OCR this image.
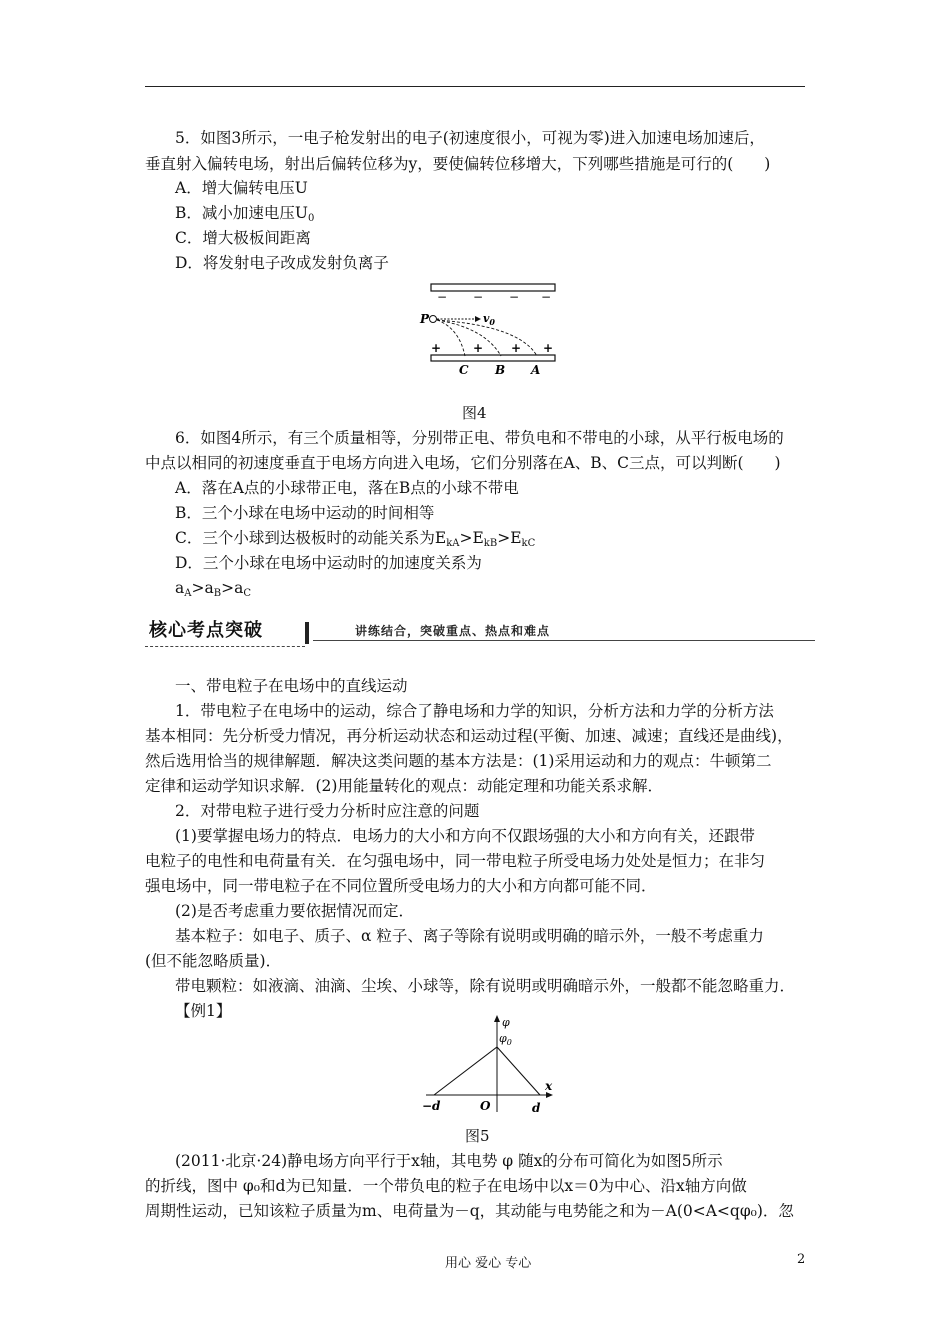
5．如图3所示，一电子枪发射出的电子(初速度很小，可视为零)进入加速电场加速后，
垂直射入偏转电场，射出后偏转位移为y，要使偏转位移增大，下列哪些措施是可行的(　　)
A．增大偏转电压U
B．减小加速电压$U_0$
C．增大极板间距离
D．将发射电子改成发射负离子
− − − −
P	$v_0$
+	+ + +
C B A
图4
6．如图4所示，有三个质量相等，分别带正电、带负电和不带电的小球，从平行板电场的
中点以相同的初速度垂直于电场方向进入电场，它们分别落在A、B、C三点，可以判断(　　)
A．落在A点的小球带正电，落在B点的小球不带电
B．三个小球在电场中运动的时间相等
C．三个小球到达极板时的动能关系为$E_{kA}>E_{kB}>E_{kC}$
D．三个小球在电场中运动时的加速度关系为
$a_A>a_B>a_C$
核心考点突破	讲练结合，突破重点、热点和难点
一、带电粒子在电场中的直线运动
1．带电粒子在电场中的运动，综合了静电场和力学的知识，分析方法和力学的分析方法
基本相同：先分析受力情况，再分析运动状态和运动过程(平衡、加速、减速；直线还是曲线)，
然后选用恰当的规律解题．解决这类问题的基本方法是：(1)采用运动和力的观点：牛顿第二
定律和运动学知识求解．(2)用能量转化的观点：动能定理和功能关系求解．
2．对带电粒子进行受力分析时应注意的问题
(1)要掌握电场力的特点．电场力的大小和方向不仅跟场强的大小和方向有关，还跟带
电粒子的电性和电荷量有关．在匀强电场中，同一带电粒子所受电场力处处是恒力；在非匀
强电场中，同一带电粒子在不同位置所受电场力的大小和方向都可能不同．
(2)是否考虑重力要依据情况而定．
基本粒子：如电子、质子、α 粒子、离子等除有说明或明确的暗示外，一般不考虑重力
(但不能忽略质量)．
带电颗粒：如液滴、油滴、尘埃、小球等，除有说明或明确暗示外，一般都不能忽略重力．
【例1】
φ
x
$\varphi_0$
−d	O	d
图5
(2011·北京·24)静电场方向平行于x轴，其电势 φ 随x的分布可简化为如图5所示
的折线，图中 φ₀和d为已知量．一个带负电的粒子在电场中以x＝0为中心、沿x轴方向做
周期性运动，已知该粒子质量为m、电荷量为－q，其动能与电势能之和为－A(0<A<qφ₀)．忽
用心 爱心 专心	2
